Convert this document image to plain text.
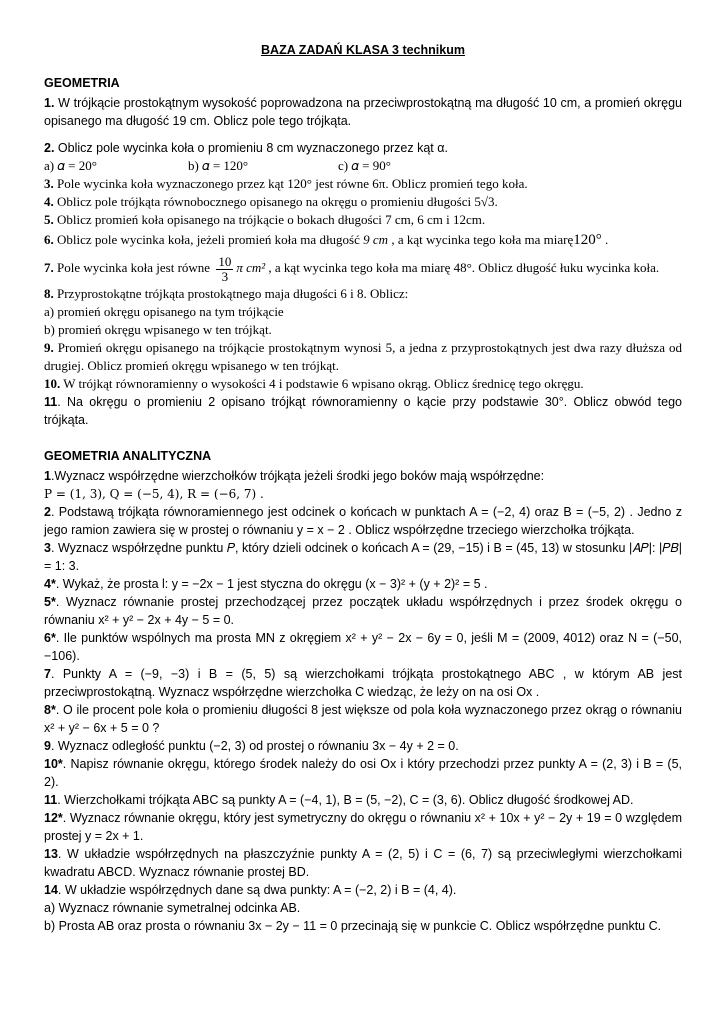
BAZA ZADAŃ KLASA 3 technikum
GEOMETRIA

1. W trójkącie prostokątnym wysokość poprowadzona na przeciwprostokątną ma długość 10 cm, a promień okręgu opisanego ma długość 19 cm. Oblicz pole tego trójkąta.

2. Oblicz pole wycinka koła o promieniu 8 cm wyznaczonego przez kąt α.

a) 𝛼 = 20°	b) 𝛼 = 120°	c) 𝛼 = 90°

3. Pole wycinka koła wyznaczonego przez kąt 120° jest równe 6π. Oblicz promień tego koła.

4. Oblicz pole trójkąta równobocznego opisanego na okręgu o promieniu długości 5√3.

5. Oblicz promień koła opisanego na trójkącie o bokach długości 7 cm, 6 cm i 12cm.

6. Oblicz pole wycinka koła, jeżeli promień koła ma długość 9 cm , a kąt wycinka tego koła ma miarę120° .

7. Pole wycinka koła jest równe $\frac{10}{3}$ π cm² , a kąt wycinka tego koła ma miarę 48°. Oblicz długość łuku wycinka koła.

8. Przyprostokątne trójkąta prostokątnego maja długości 6 i 8. Oblicz:

a) promień okręgu opisanego na tym trójkącie

b) promień okręgu wpisanego w ten trójkąt.

9. Promień okręgu opisanego na trójkącie prostokątnym wynosi 5, a jedna z przyprostokątnych jest dwa razy dłuższa od drugiej. Oblicz promień okręgu wpisanego w ten trójkąt.

10. W trójkąt równoramienny o wysokości 4 i podstawie 6 wpisano okrąg. Oblicz średnicę tego okręgu.

11. Na okręgu o promieniu 2 opisano trójkąt równoramienny o kącie przy podstawie 30°. Oblicz obwód tego trójkąta.

GEOMETRIA ANALITYCZNA

1.Wyznacz współrzędne wierzchołków trójkąta jeżeli środki jego boków mają współrzędne:

P = (1, 3), Q = (−5, 4), R = (−6, 7) .

2. Podstawą trójkąta równoramiennego jest odcinek o końcach w punktach A = (−2, 4) oraz B = (−5, 2) . Jedno z jego ramion zawiera się w prostej o równaniu y = x − 2 . Oblicz współrzędne trzeciego wierzchołka trójkąta.

3. Wyznacz współrzędne punktu 𝑃, który dzieli odcinek o końcach A = (29, −15) i B = (45, 13) w stosunku |𝐴𝑃|: |𝑃𝐵| = 1: 3.

4*. Wykaż, że prosta l: y = −2x − 1 jest styczna do okręgu (x − 3)² + (y + 2)² = 5 .

5*. Wyznacz równanie prostej przechodzącej przez początek układu współrzędnych i przez środek okręgu o równaniu x² + y² − 2x + 4y − 5 = 0.

6*. Ile punktów wspólnych ma prosta MN z okręgiem x² + y² − 2x − 6y = 0, jeśli M = (2009, 4012) oraz N = (−50, −106).

7. Punkty A = (−9, −3) i B = (5, 5) są wierzchołkami trójkąta prostokątnego ABC , w którym AB jest przeciwprostokątną. Wyznacz współrzędne wierzchołka C wiedząc, że leży on na osi Ox .

8*. O ile procent pole koła o promieniu długości 8 jest większe od pola koła wyznaczonego przez okrąg o równaniu x² + y² − 6x + 5 = 0 ?

9. Wyznacz odległość punktu (−2, 3) od prostej o równaniu 3x − 4y + 2 = 0.

10*. Napisz równanie okręgu, którego środek należy do osi Ox i który przechodzi przez punkty A = (2, 3) i B = (5, 2).

11. Wierzchołkami trójkąta ABC są punkty A = (−4, 1), B = (5, −2), C = (3, 6). Oblicz długość środkowej AD.

12*. Wyznacz równanie okręgu, który jest symetryczny do okręgu o równaniu x² + 10x + y² − 2y + 19 = 0 względem prostej y = 2x + 1.

13. W układzie współrzędnych na płaszczyźnie punkty A = (2, 5) i C = (6, 7) są przeciwległymi wierzchołkami kwadratu ABCD. Wyznacz równanie prostej BD.

14. W układzie współrzędnych dane są dwa punkty: A = (−2, 2) i B = (4, 4).

a) Wyznacz równanie symetralnej odcinka AB.

b) Prosta AB oraz prosta o równaniu 3x − 2y − 11 = 0 przecinają się w punkcie C. Oblicz współrzędne punktu C.
